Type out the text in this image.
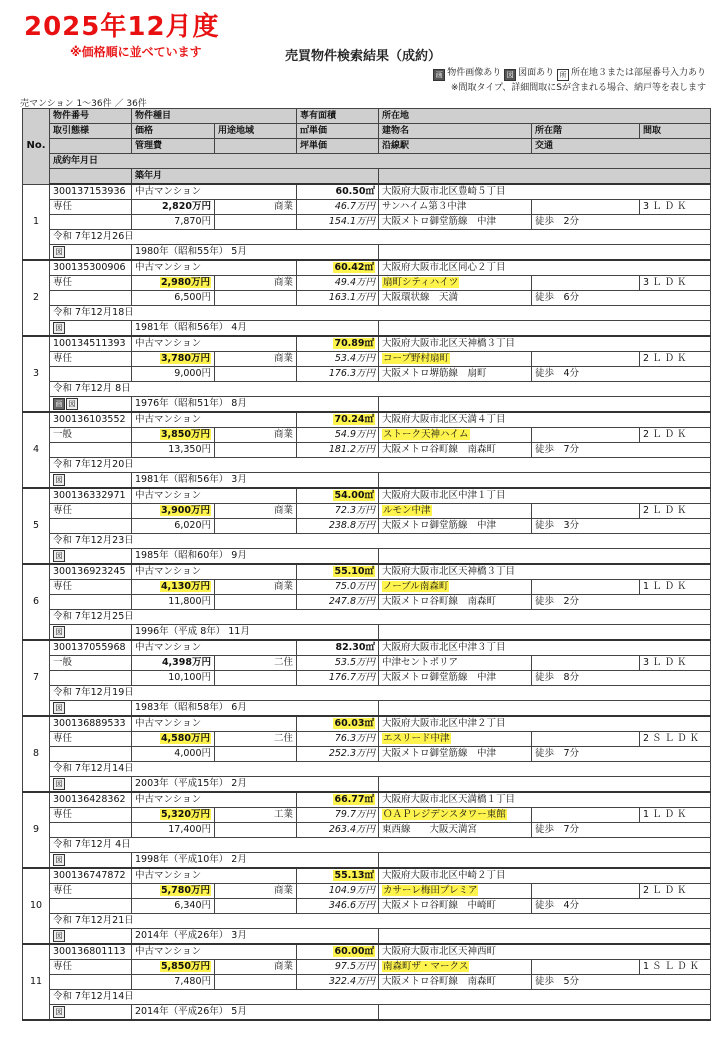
2025年12月度
※価格順に並べています	売買物件検索結果（成約）
画 物件画像あり 図 図面あり 所 所在地３または部屋番号入力あり
※間取タイプ、詳細間取にSが含まれる場合、納戸等を表します
売マンション 1～36件 ／ 36件
No.	物件番号	物件種目		専有面積	所在地		
	取引態様	価格	用途地域	㎡単価	建物名	所在階	間取
		管理費		坪単価	沿線駅	交通	
	成約年月日						
		築年月					
1	300137153936	中古マンション		60.50㎡	大阪府大阪市北区豊崎５丁目		
	専任	2,820万円	商業	46.7万円	サンハイム第３中津		3ＬＤＫ
		7,870円		154.1万円	大阪メトロ御堂筋線　中津	徒歩　2分	
	令和 7年12月26日						
	図	1980年（昭和55年） 5月					
2	300135300906	中古マンション		60.42㎡	大阪府大阪市北区同心２丁目		
	専任	2,980万円	商業	49.4万円	扇町シティハイツ		3ＬＤＫ
		6,500円		163.1万円	大阪環状線　天満	徒歩　6分	
	令和 7年12月18日						
	図	1981年（昭和56年） 4月					
3	100134511393	中古マンション		70.89㎡	大阪府大阪市北区天神橋３丁目		
	専任	3,780万円	商業	53.4万円	コープ野村扇町		2ＬＤＫ
		9,000円		176.3万円	大阪メトロ堺筋線　扇町	徒歩　4分	
	令和 7年12月 8日						
	画 図	1976年（昭和51年） 8月					
4	300136103552	中古マンション		70.24㎡	大阪府大阪市北区天満４丁目		
	一般	3,850万円	商業	54.9万円	ストーク天神ハイム		2ＬＤＫ
		13,350円		181.2万円	大阪メトロ谷町線　南森町	徒歩　7分	
	令和 7年12月20日						
	図	1981年（昭和56年） 3月					
5	300136332971	中古マンション		54.00㎡	大阪府大阪市北区中津１丁目		
	専任	3,900万円	商業	72.3万円	ルモン中津		2ＬＤＫ
		6,020円		238.8万円	大阪メトロ御堂筋線　中津	徒歩　3分	
	令和 7年12月23日						
	図	1985年（昭和60年） 9月					
6	300136923245	中古マンション		55.10㎡	大阪府大阪市北区天神橋３丁目		
	専任	4,130万円	商業	75.0万円	ノーブル南森町		1ＬＤＫ
		11,800円		247.8万円	大阪メトロ谷町線　南森町	徒歩　2分	
	令和 7年12月25日						
	図	1996年（平成 8年） 11月					
7	300137055968	中古マンション		82.30㎡	大阪府大阪市北区中津３丁目		
	一般	4,398万円	二住	53.5万円	中津セントポリア		3ＬＤＫ
		10,100円		176.7万円	大阪メトロ御堂筋線　中津	徒歩　8分	
	令和 7年12月19日						
	図	1983年（昭和58年） 6月					
8	300136889533	中古マンション		60.03㎡	大阪府大阪市北区中津２丁目		
	専任	4,580万円	二住	76.3万円	エスリード中津		2ＳＬＤＫ
		4,000円		252.3万円	大阪メトロ御堂筋線　中津	徒歩　7分	
	令和 7年12月14日						
	図	2003年（平成15年） 2月					
9	300136428362	中古マンション		66.77㎡	大阪府大阪市北区天満橋１丁目		
	専任	5,320万円	工業	79.7万円	ＯＡＰレジデンスタワー東館		1ＬＤＫ
		17,400円		263.4万円	東西線　　大阪天満宮	徒歩　7分	
	令和 7年12月 4日						
	図	1998年（平成10年） 2月					
10	300136747872	中古マンション		55.13㎡	大阪府大阪市北区中崎２丁目		
	専任	5,780万円	商業	104.9万円	カサーレ梅田プレミア		2ＬＤＫ
		6,340円		346.6万円	大阪メトロ谷町線　中崎町	徒歩　4分	
	令和 7年12月21日						
	図	2014年（平成26年） 3月					
11	300136801113	中古マンション		60.00㎡	大阪府大阪市北区天神西町		
	専任	5,850万円	商業	97.5万円	南森町ザ・マークス		1ＳＬＤＫ
		7,480円		322.4万円	大阪メトロ谷町線　南森町	徒歩　5分	
	令和 7年12月14日						
	図	2014年（平成26年） 5月					
